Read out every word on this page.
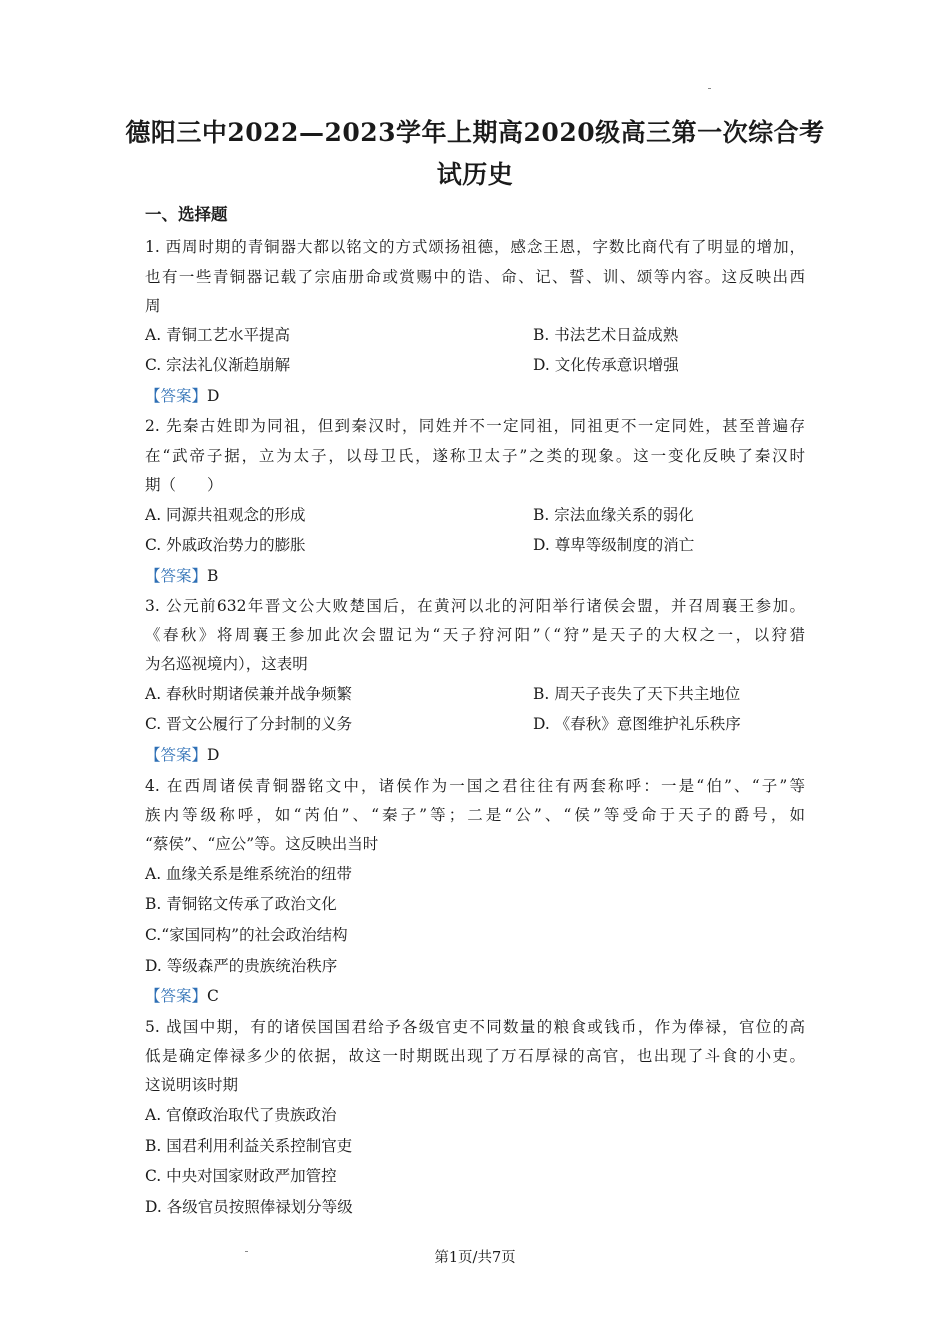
德阳三中2022—2023学年上期高2020级高三第一次综合考
试历史
一、选择题
1. 西周时期的青铜器大都以铭文的方式颂扬祖德，感念王恩，字数比商代有了明显的增加，
也有一些青铜器记载了宗庙册命或赏赐中的诰、命、记、誓、训、颂等内容。这反映出西
周
A. 青铜工艺水平提高	B. 书法艺术日益成熟
C. 宗法礼仪渐趋崩解	D. 文化传承意识增强
【答案】D
2. 先秦古姓即为同祖，但到秦汉时，同姓并不一定同祖，同祖更不一定同姓，甚至普遍存
在“武帝子据，立为太子，以母卫氏，遂称卫太子”之类的现象。这一变化反映了秦汉时
期（　　）
A. 同源共祖观念的形成	B. 宗法血缘关系的弱化
C. 外戚政治势力的膨胀	D. 尊卑等级制度的消亡
【答案】B
3. 公元前632年晋文公大败楚国后，在黄河以北的河阳举行诸侯会盟，并召周襄王参加。
《春秋》将周襄王参加此次会盟记为“天子狩河阳”（“狩”是天子的大权之一，以狩猎
为名巡视境内），这表明
A. 春秋时期诸侯兼并战争频繁	B. 周天子丧失了天下共主地位
C. 晋文公履行了分封制的义务	D. 《春秋》意图维护礼乐秩序
【答案】D
4. 在西周诸侯青铜器铭文中，诸侯作为一国之君往往有两套称呼：一是“伯”、“子”等
族内等级称呼，如“芮伯”、“秦子”等；二是“公”、“侯”等受命于天子的爵号，如
“蔡侯”、“应公”等。这反映出当时
A. 血缘关系是维系统治的纽带
B. 青铜铭文传承了政治文化
C.“家国同构”的社会政治结构
D. 等级森严的贵族统治秩序
【答案】C
5. 战国中期，有的诸侯国国君给予各级官吏不同数量的粮食或钱币，作为俸禄，官位的高
低是确定俸禄多少的依据，故这一时期既出现了万石厚禄的高官，也出现了斗食的小吏。
这说明该时期
A. 官僚政治取代了贵族政治
B. 国君利用利益关系控制官吏
C. 中央对国家财政严加管控
D. 各级官员按照俸禄划分等级
第1页/共7页
